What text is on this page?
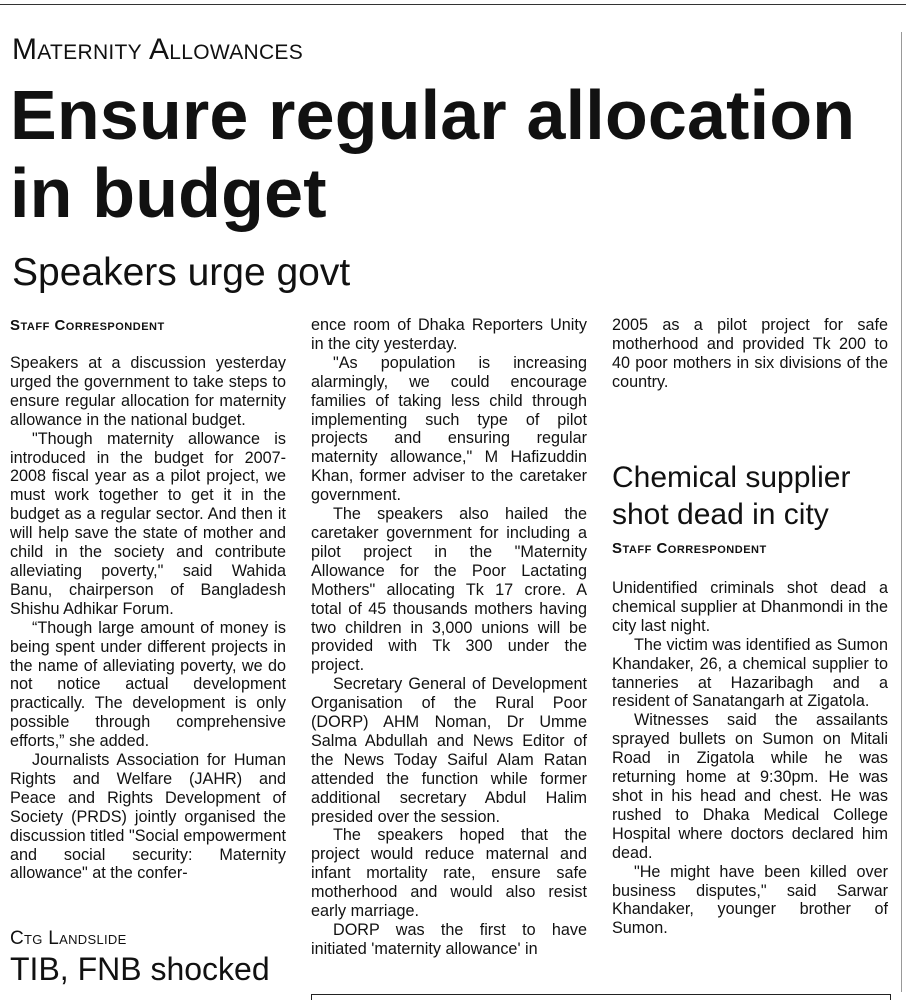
Maternity Allowances
Ensure regular allocation in budget
Speakers urge govt
Staff Correspondent

Speakers at a discussion yesterday urged the government to take steps to ensure regular allocation for maternity allowance in the national budget.

"Though maternity allowance is introduced in the budget for 2007-2008 fiscal year as a pilot project, we must work together to get it in the budget as a regular sector. And then it will help save the state of mother and child in the society and contribute alleviating poverty," said Wahida Banu, chairperson of Bangladesh Shishu Adhikar Forum.

“Though large amount of money is being spent under different projects in the name of alleviating poverty, we do not notice actual development practically. The development is only possible through comprehensive efforts,” she added.

Journalists Association for Human Rights and Welfare (JAHR) and Peace and Rights Development of Society (PRDS) jointly organised the discussion titled "Social empowerment and social security: Maternity allowance" at the confer-

ence room of Dhaka Reporters Unity in the city yesterday.

"As population is increasing alarmingly, we could encourage families of taking less child through implementing such type of pilot projects and ensuring regular maternity allowance," M Hafizuddin Khan, former adviser to the caretaker government.

The speakers also hailed the caretaker government for including a pilot project in the "Maternity Allowance for the Poor Lactating Mothers" allocating Tk 17 crore. A total of 45 thousands mothers having two children in 3,000 unions will be provided with Tk 300 under the project.

Secretary General of Development Organisation of the Rural Poor (DORP) AHM Noman, Dr Umme Salma Abdullah and News Editor of the News Today Saiful Alam Ratan attended the function while former additional secretary Abdul Halim presided over the session.

The speakers hoped that the project would reduce maternal and infant mortality rate, ensure safe motherhood and would also resist early marriage.

DORP was the first to have initiated 'maternity allowance' in

2005 as a pilot project for safe motherhood and provided Tk 200 to 40 poor mothers in six divisions of the country.

Chemical supplier shot dead in city
Staff Correspondent

Unidentified criminals shot dead a chemical supplier at Dhanmondi in the city last night.

The victim was identified as Sumon Khandaker, 26, a chemical supplier to tanneries at Hazaribagh and a resident of Sanatangarh at Zigatola.

Witnesses said the assailants sprayed bullets on Sumon on Mitali Road in Zigatola while he was returning home at 9:30pm. He was shot in his head and chest. He was rushed to Dhaka Medical College Hospital where doctors declared him dead.

"He might have been killed over business disputes," said Sarwar Khandaker, younger brother of Sumon.

Ctg Landslide
TIB, FNB shocked
